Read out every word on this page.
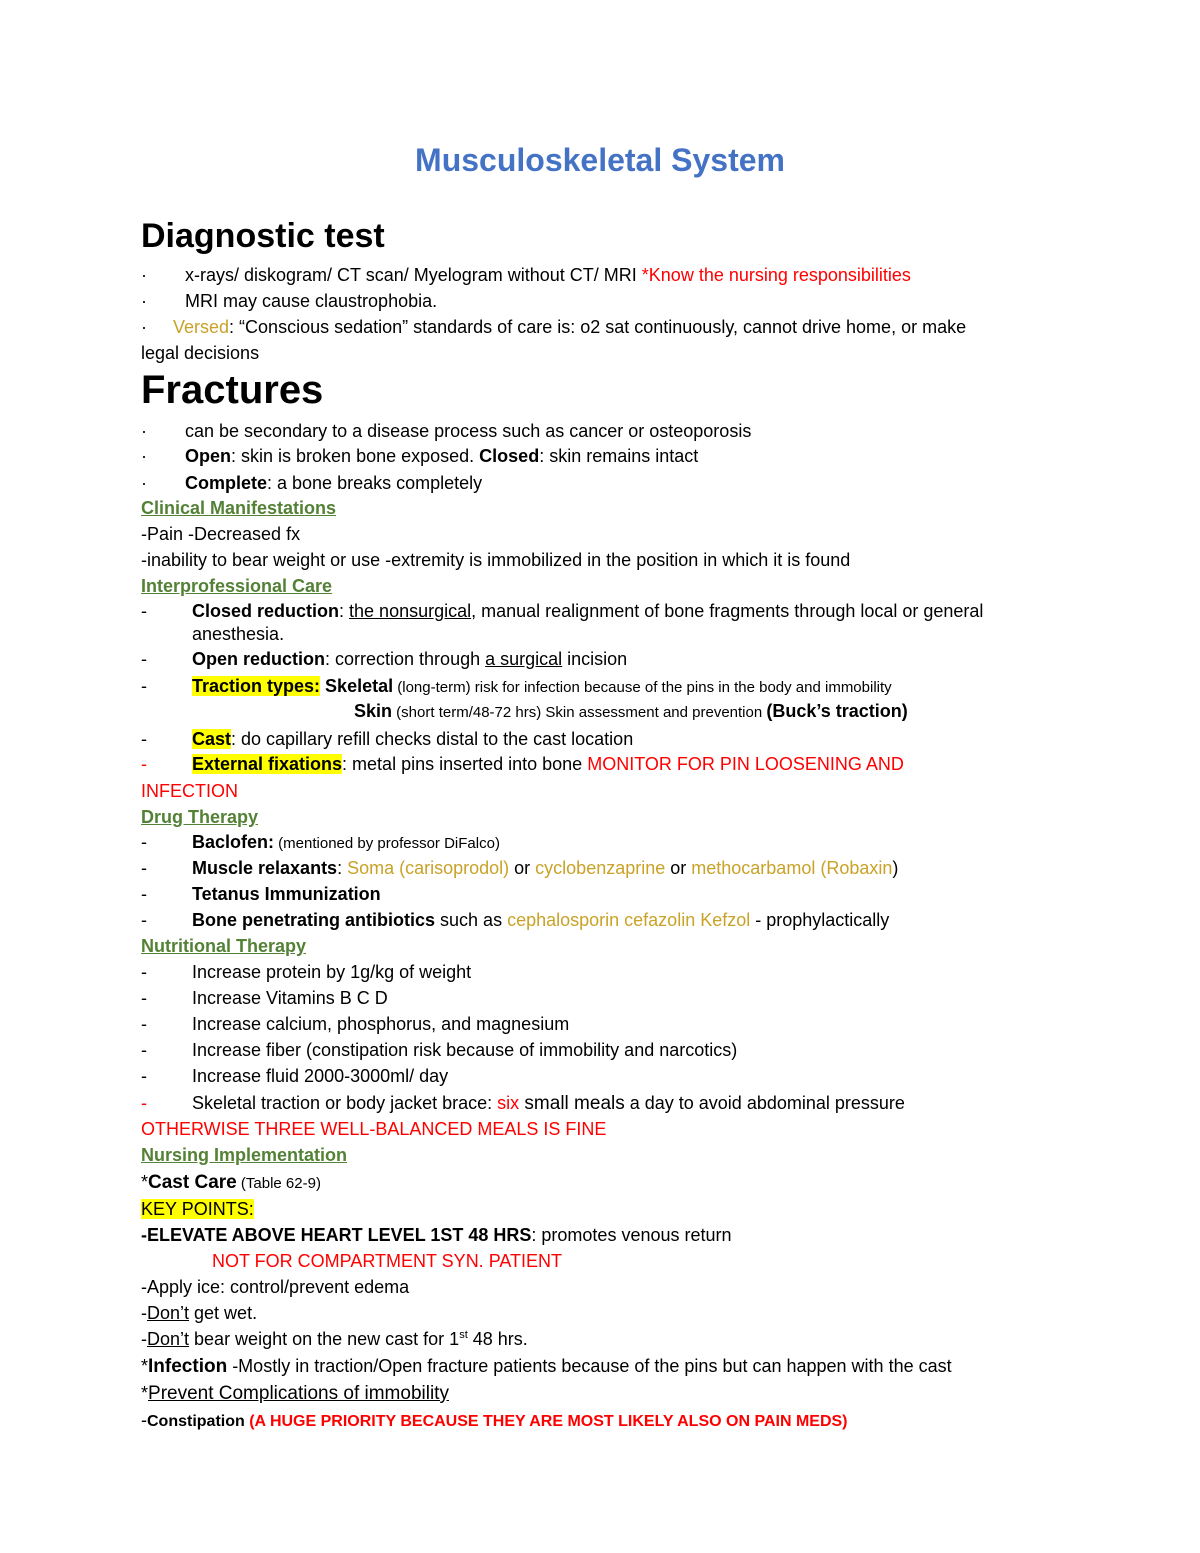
Musculoskeletal System
Diagnostic test
· x-rays/ diskogram/ CT scan/ Myelogram without CT/ MRI *Know the nursing responsibilities
· MRI may cause claustrophobia.
· Versed: “Conscious sedation” standards of care is: o2 sat continuously, cannot drive home, or make
legal decisions
Fractures
· can be secondary to a disease process such as cancer or osteoporosis
· Open: skin is broken bone exposed. Closed: skin remains intact
· Complete: a bone breaks completely
Clinical Manifestations
-Pain -Decreased fx
-inability to bear weight or use -extremity is immobilized in the position in which it is found
Interprofessional Care
-	Closed reduction: the nonsurgical, manual realignment of bone fragments through local or general
anesthesia.
-	Open reduction: correction through a surgical incision
-	Traction types: Skeletal (long-term) risk for infection because of the pins in the body and immobility
Skin (short term/48-72 hrs) Skin assessment and prevention (Buck’s traction)
-	Cast: do capillary refill checks distal to the cast location
-	External fixations: metal pins inserted into bone MONITOR FOR PIN LOOSENING AND
INFECTION
Drug Therapy
-	Baclofen: (mentioned by professor DiFalco)
-	Muscle relaxants: Soma (carisoprodol) or cyclobenzaprine or methocarbamol (Robaxin)
-	Tetanus Immunization
-	Bone penetrating antibiotics such as cephalosporin cefazolin Kefzol - prophylactically
Nutritional Therapy
-	Increase protein by 1g/kg of weight
-	Increase Vitamins B C D
-	Increase calcium, phosphorus, and magnesium
-	Increase fiber (constipation risk because of immobility and narcotics)
-	Increase fluid 2000-3000ml/ day
-	Skeletal traction or body jacket brace: six small meals a day to avoid abdominal pressure
OTHERWISE THREE WELL-BALANCED MEALS IS FINE
Nursing Implementation
*Cast Care (Table 62-9)
KEY POINTS:
-ELEVATE ABOVE HEART LEVEL 1ST 48 HRS: promotes venous return
NOT FOR COMPARTMENT SYN. PATIENT
-Apply ice: control/prevent edema
-Don’t get wet.
-Don’t bear weight on the new cast for 1st 48 hrs.
*Infection -Mostly in traction/Open fracture patients because of the pins but can happen with the cast
*Prevent Complications of immobility
-Constipation (A HUGE PRIORITY BECAUSE THEY ARE MOST LIKELY ALSO ON PAIN MEDS)
